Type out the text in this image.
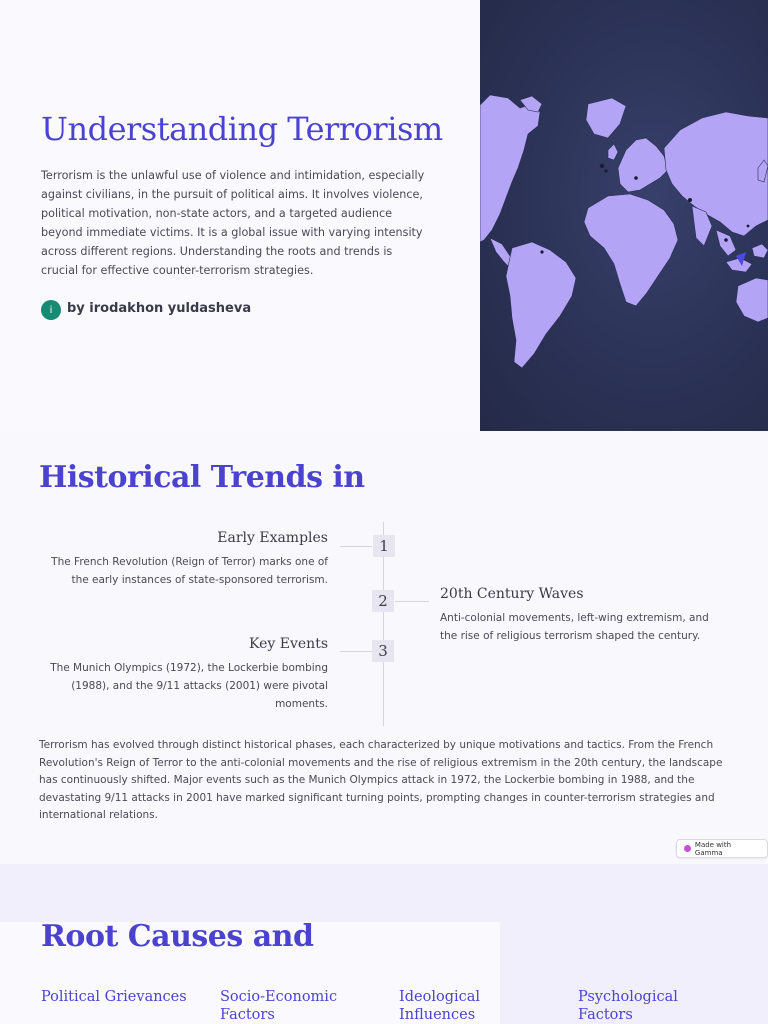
Understanding Terrorism

Terrorism is the unlawful use of violence and intimidation, especially against civilians, in the pursuit of political aims. It involves violence, political motivation, non-state actors, and a targeted audience beyond immediate victims. It is a global issue with varying intensity across different regions. Understanding the roots and trends is crucial for effective counter-terrorism strategies.

i	by irodakhon yuldasheva
Historical Trends in
1
Early Examples
The French Revolution (Reign of Terror) marks one of the early instances of state-sponsored terrorism.
2	20th Century Waves
Anti-colonial movements, left-wing extremism, and the rise of religious terrorism shaped the century.
3
Key Events
The Munich Olympics (1972), the Lockerbie bombing (1988), and the 9/11 attacks (2001) were pivotal moments.

Terrorism has evolved through distinct historical phases, each characterized by unique motivations and tactics. From the French Revolution's Reign of Terror to the anti-colonial movements and the rise of religious extremism in the 20th century, the landscape has continuously shifted. Major events such as the Munich Olympics attack in 1972, the Lockerbie bombing in 1988, and the devastating 9/11 attacks in 2001 have marked significant turning points, prompting changes in counter-terrorism strategies and international relations.

Made with Gamma
Root Causes and
Political Grievances Socio-Economic Factors
Ideological Influences
Psychological Factors
